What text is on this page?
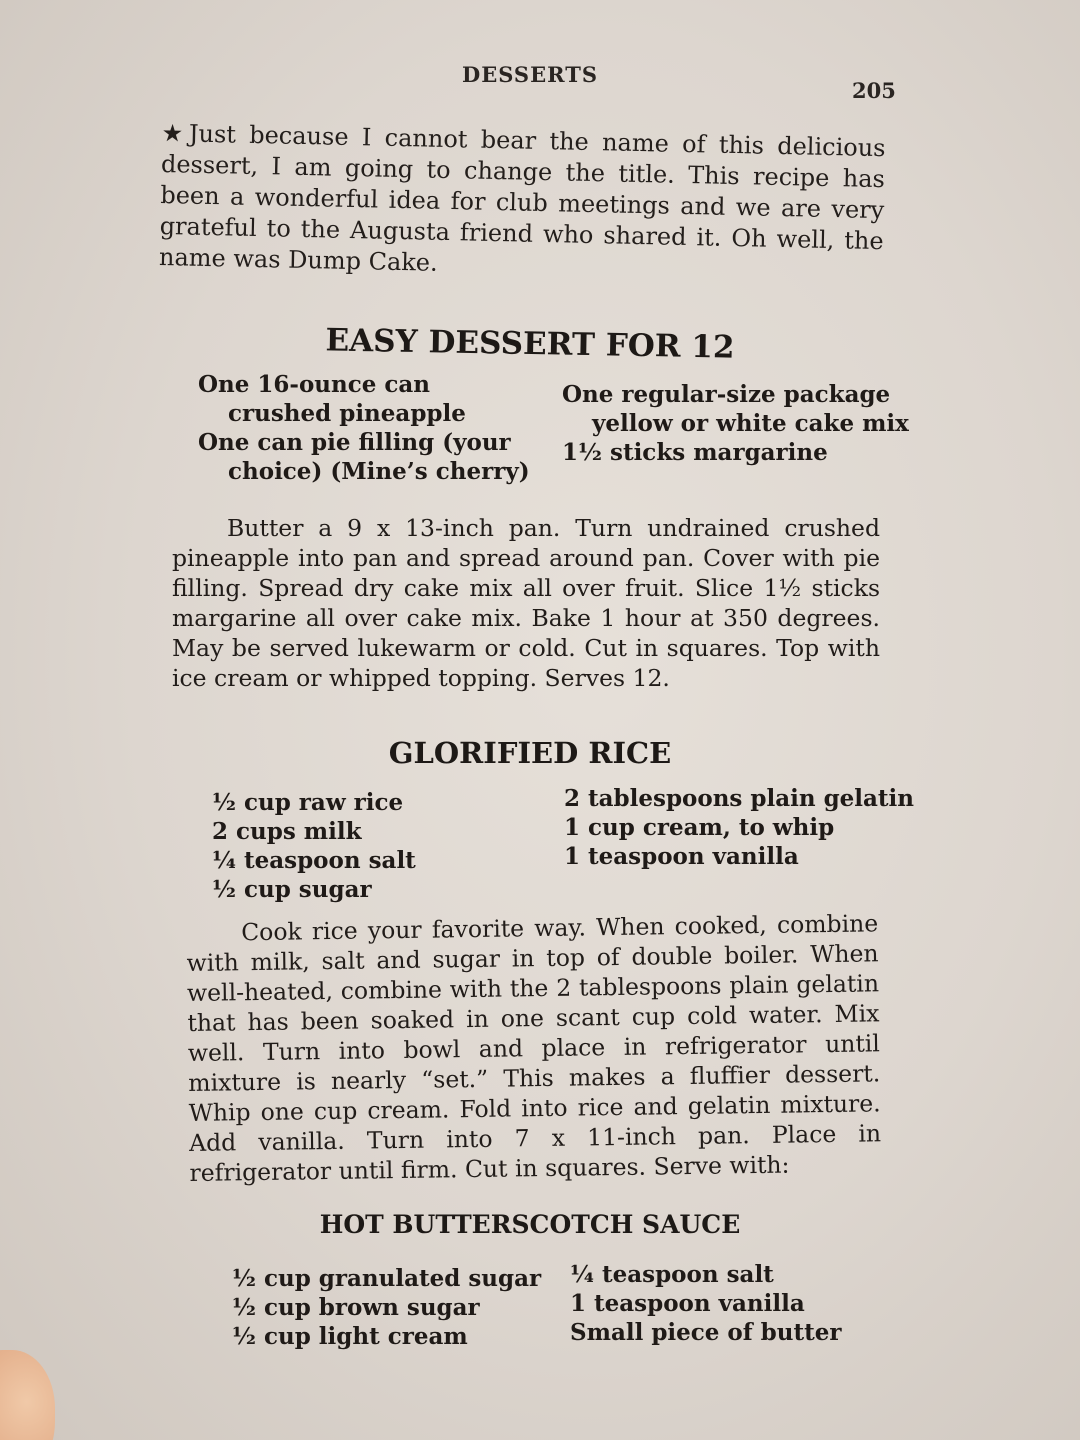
DESSERTS
205
★Just because I cannot bear the name of this delicious dessert, I am going to change the title. This recipe has been a wonderful idea for club meetings and we are very grateful to the Augusta friend who shared it. Oh well, the name was Dump Cake.
EASY DESSERT FOR 12
One 16-ounce can
crushed pineapple
One can pie filling (your
choice) (Mine’s cherry)
One regular-size package
yellow or white cake mix
1½ sticks margarine

Butter a 9 x 13-inch pan. Turn undrained crushed pineapple into pan and spread around pan. Cover with pie filling. Spread dry cake mix all over fruit. Slice 1½ sticks margarine all over cake mix. Bake 1 hour at 350 degrees. May be served lukewarm or cold. Cut in squares. Top with ice cream or whipped topping. Serves 12.

GLORIFIED RICE
½ cup raw rice
2 cups milk
¼ teaspoon salt
½ cup sugar
2 tablespoons plain gelatin
1 cup cream, to whip
1 teaspoon vanilla

Cook rice your favorite way. When cooked, combine with milk, salt and sugar in top of double boiler. When well-heated, combine with the 2 tablespoons plain gelatin that has been soaked in one scant cup cold water. Mix well. Turn into bowl and place in refrigerator until mixture is nearly “set.” This makes a fluffier dessert. Whip one cup cream. Fold into rice and gelatin mixture. Add vanilla. Turn into 7 x 11-inch pan. Place in refrigerator until firm. Cut in squares. Serve with:

HOT BUTTERSCOTCH SAUCE
½ cup granulated sugar
½ cup brown sugar
½ cup light cream
¼ teaspoon salt
1 teaspoon vanilla
Small piece of butter
